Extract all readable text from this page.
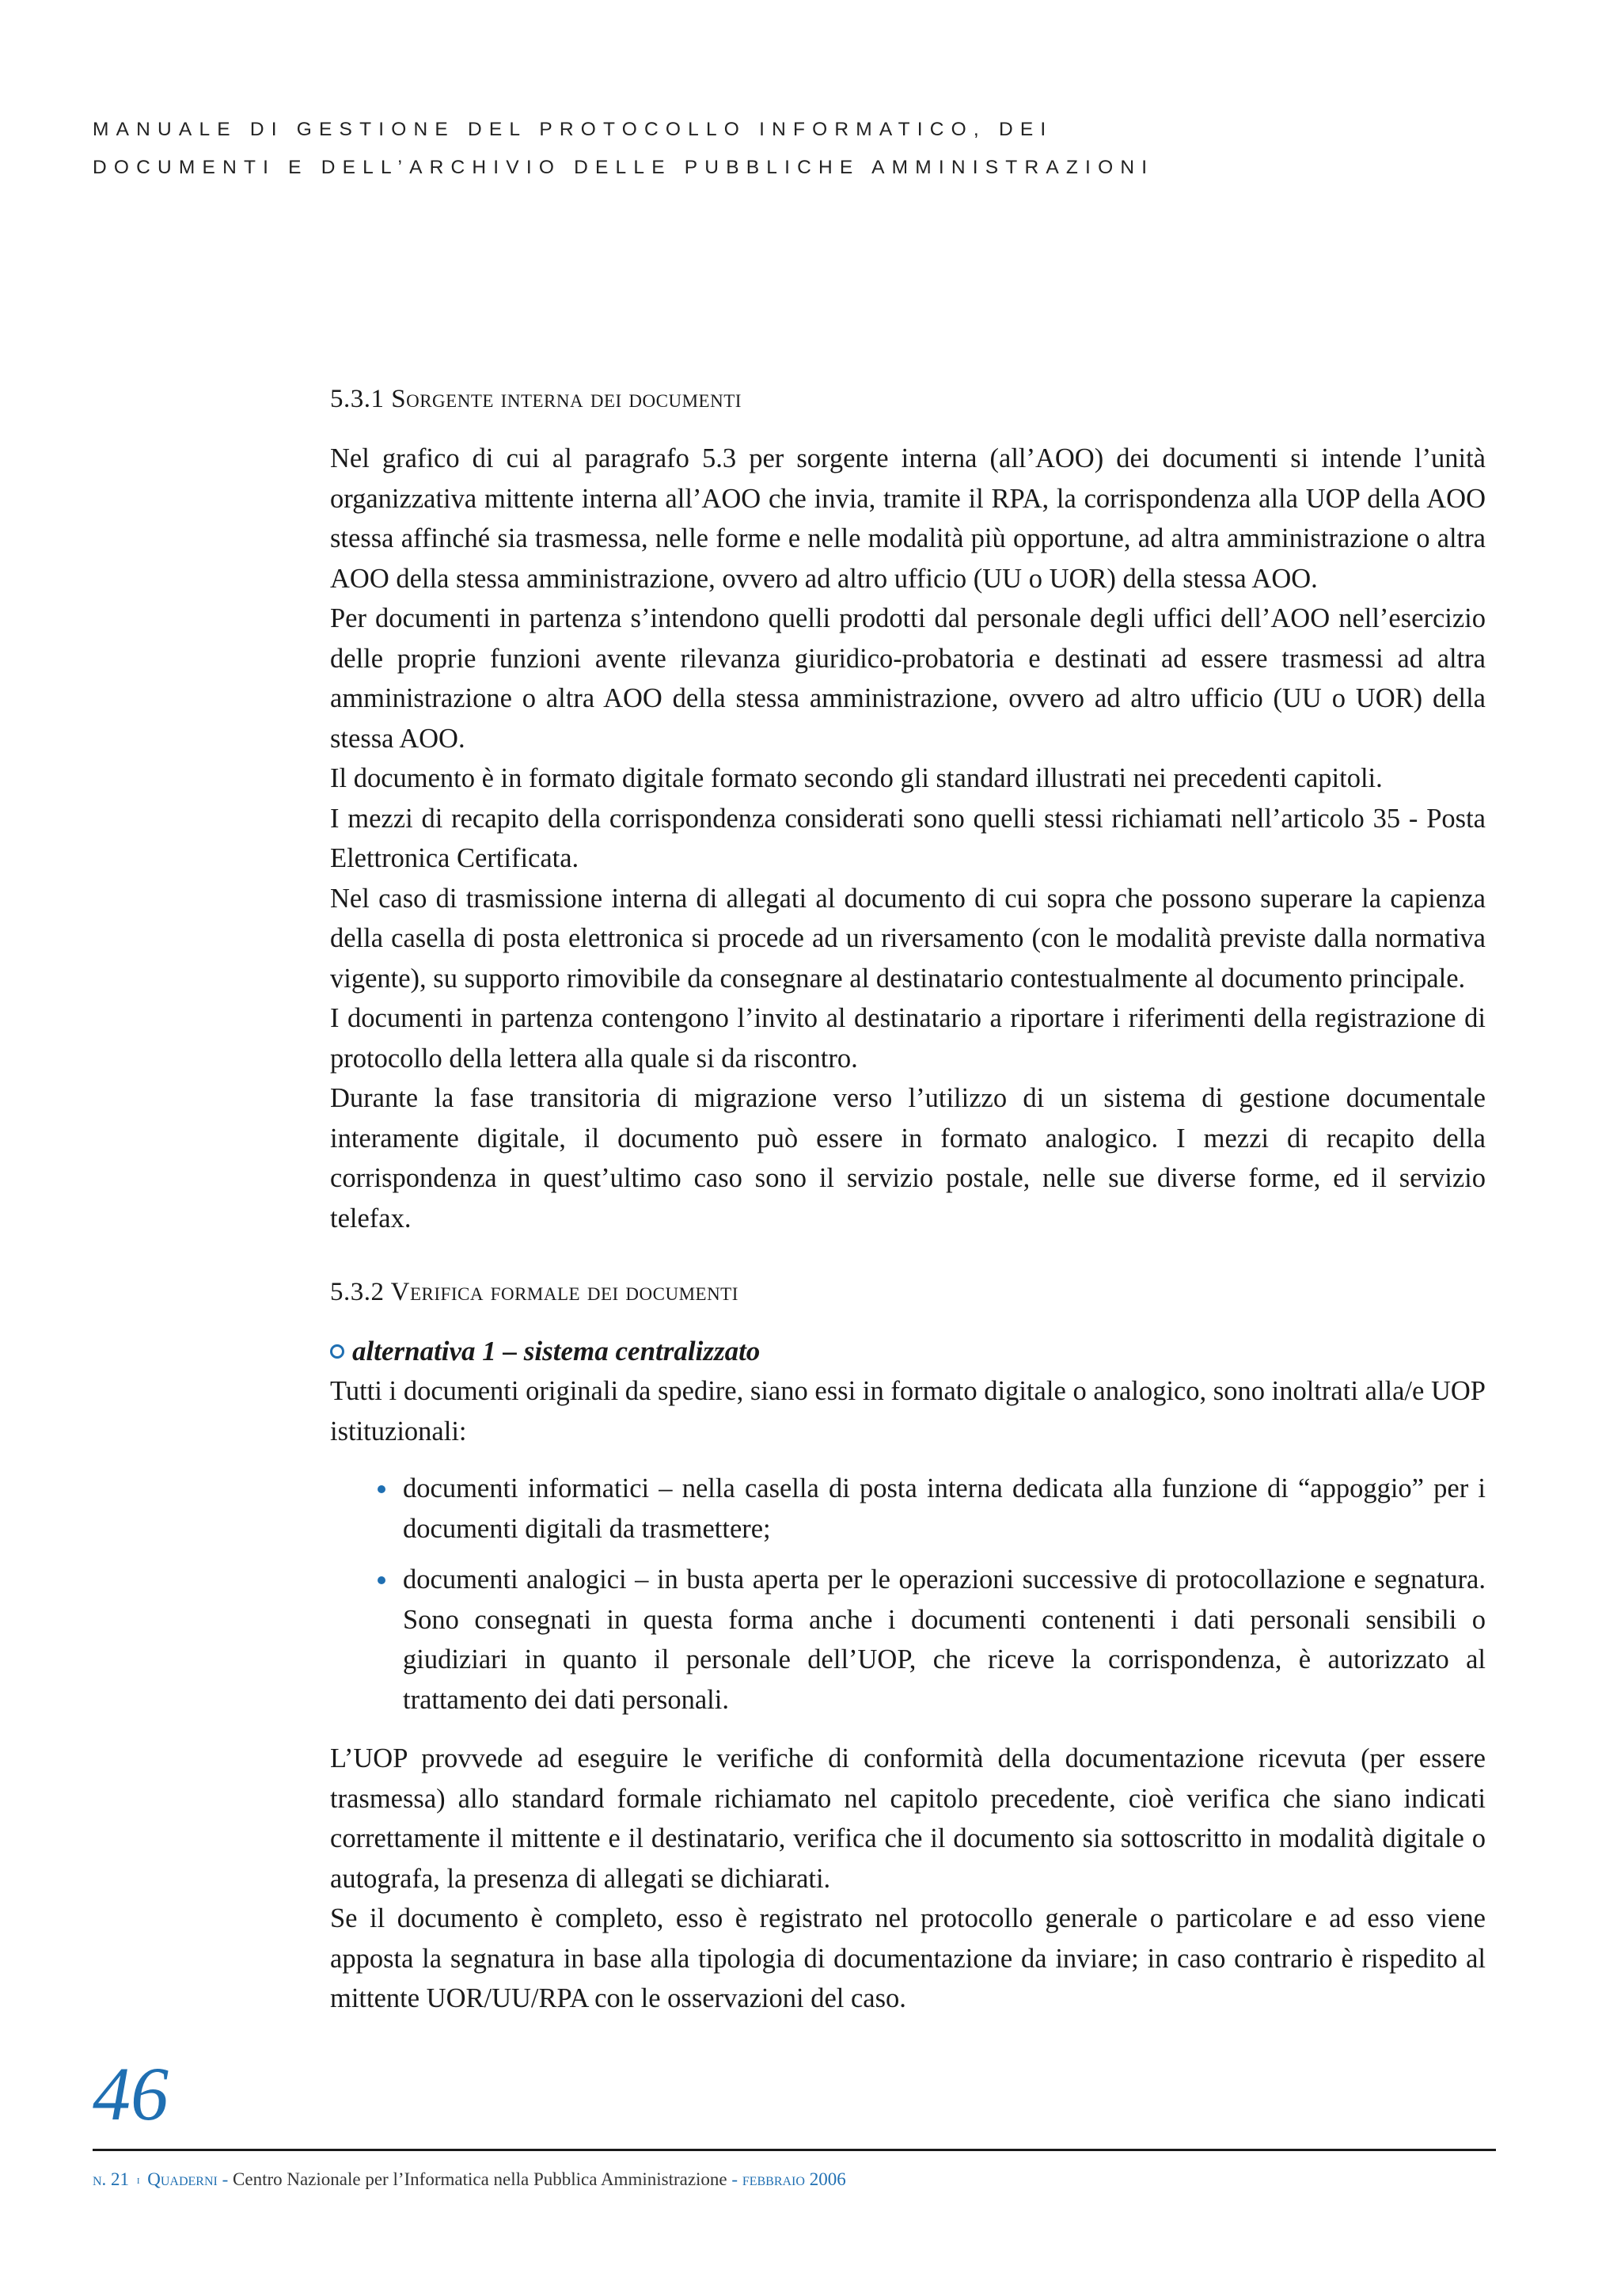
MANUALE DI GESTIONE DEL PROTOCOLLO INFORMATICO, DEI
DOCUMENTI E DELL’ARCHIVIO DELLE PUBBLICHE AMMINISTRAZIONI
5.3.1 Sorgente interna dei documenti

Nel grafico di cui al paragrafo 5.3 per sorgente interna (all’AOO) dei documenti si intende l’unità organizzativa mittente interna all’AOO che invia, tramite il RPA, la corrispondenza alla UOP della AOO stessa affinché sia trasmessa, nelle forme e nelle modalità più opportune, ad altra amministrazione o altra AOO della stessa amministrazione, ovvero ad altro ufficio (UU o UOR) della stessa AOO.

Per documenti in partenza s’intendono quelli prodotti dal personale degli uffici dell’AOO nell’esercizio delle proprie funzioni avente rilevanza giuridico-probatoria e destinati ad essere trasmessi ad altra amministrazione o altra AOO della stessa amministrazione, ovvero ad altro ufficio (UU o UOR) della stessa AOO.

Il documento è in formato digitale formato secondo gli standard illustrati nei precedenti capitoli.

I mezzi di recapito della corrispondenza considerati sono quelli stessi richiamati nell’articolo 35 - Posta Elettronica Certificata.

Nel caso di trasmissione interna di allegati al documento di cui sopra che possono superare la capienza della casella di posta elettronica si procede ad un riversamento (con le modalità previste dalla normativa vigente), su supporto rimovibile da consegnare al destinatario contestualmente al documento principale.

I documenti in partenza contengono l’invito al destinatario a riportare i riferimenti della registrazione di protocollo della lettera alla quale si da riscontro.

Durante la fase transitoria di migrazione verso l’utilizzo di un sistema di gestione documentale interamente digitale, il documento può essere in formato analogico. I mezzi di recapito della corrispondenza in quest’ultimo caso sono il servizio postale, nelle sue diverse forme, ed il servizio telefax.

5.3.2 Verifica formale dei documenti
alternativa 1 – sistema centralizzato

Tutti i documenti originali da spedire, siano essi in formato digitale o analogico, sono inoltrati alla/e UOP istituzionali:

documenti informatici – nella casella di posta interna dedicata alla funzione di “appoggio” per i documenti digitali da trasmettere;
documenti analogici – in busta aperta per le operazioni successive di protocollazione e segnatura. Sono consegnati in questa forma anche i documenti contenenti i dati personali sensibili o giudiziari in quanto il personale dell’UOP, che riceve la corrispondenza, è autorizzato al trattamento dei dati personali.

L’UOP provvede ad eseguire le verifiche di conformità della documentazione ricevuta (per essere trasmessa) allo standard formale richiamato nel capitolo precedente, cioè verifica che siano indicati correttamente il mittente e il destinatario, verifica che il documento sia sottoscritto in modalità digitale o autografa, la presenza di allegati se dichiarati.

Se il documento è completo, esso è registrato nel protocollo generale o particolare e ad esso viene apposta la segnatura in base alla tipologia di documentazione da inviare; in caso contrario è rispedito al mittente UOR/UU/RPA con le osservazioni del caso.

46
n. 21 i Quaderni - Centro Nazionale per l’Informatica nella Pubblica Amministrazione - febbraio 2006
